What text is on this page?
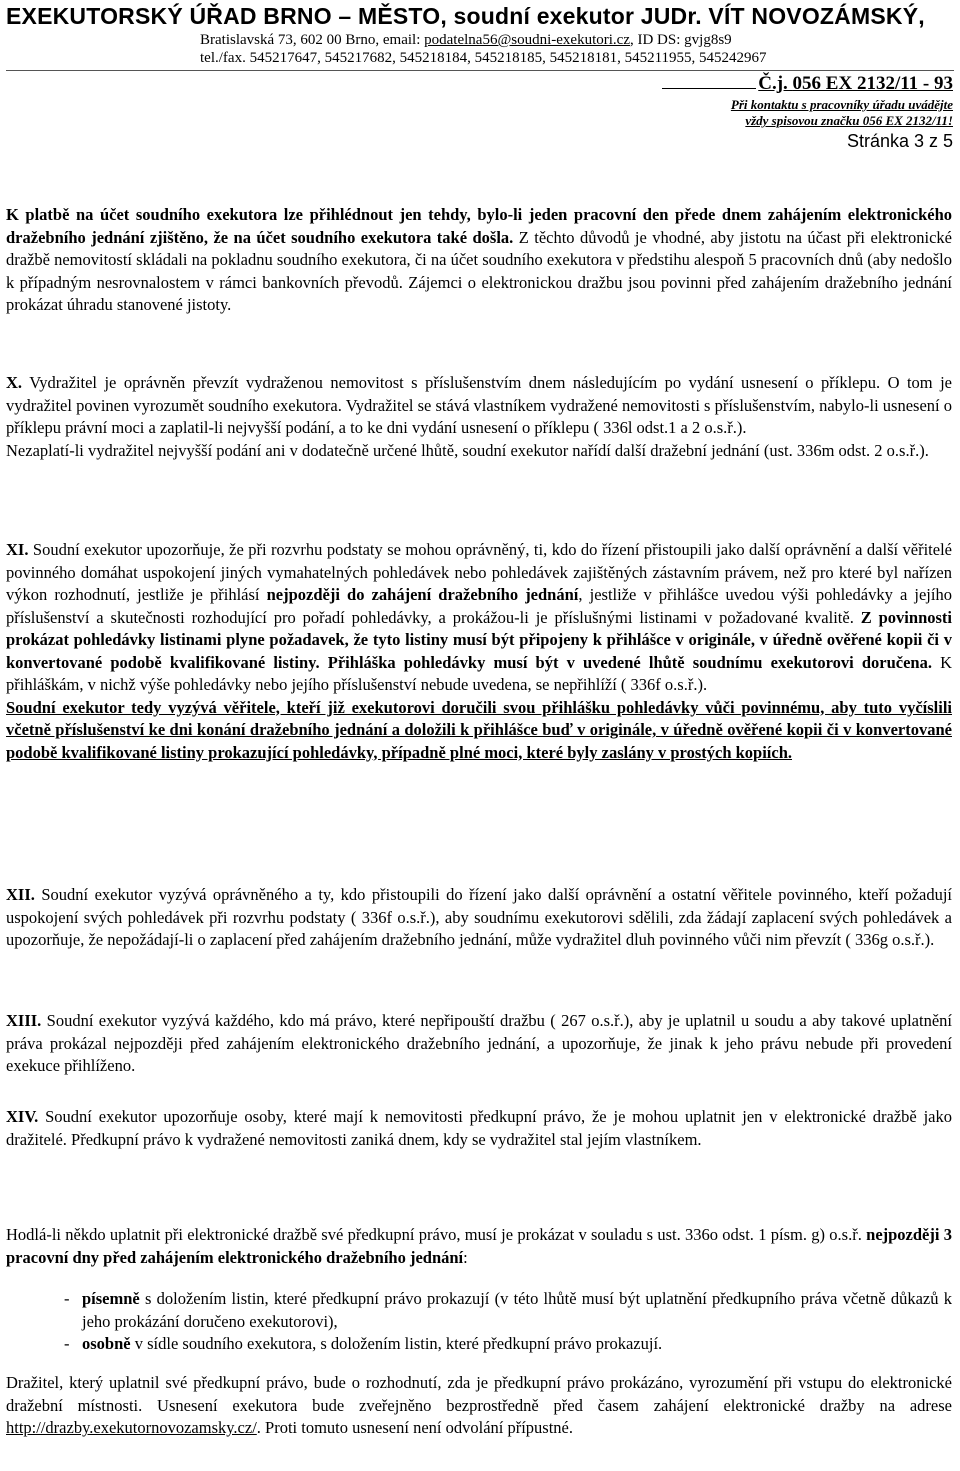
EXEKUTORSKÝ ÚŘAD BRNO – MĚSTO, soudní exekutor JUDr. VÍT NOVOZÁMSKÝ,
Bratislavská 73, 602 00 Brno, email: podatelna56@soudni-exekutori.cz, ID DS: gvjg8s9
tel./fax. 545217647, 545217682, 545218184, 545218185, 545218181, 545211955, 545242967
Č.j. 056 EX 2132/11 - 93
Při kontaktu s pracovníky úřadu uvádějte
vždy spisovou značku 056 EX 2132/11!
Stránka 3 z 5

K platbě na účet soudního exekutora lze přihlédnout jen tehdy, bylo-li jeden pracovní den přede dnem zahájením elektronického dražebního jednání zjištěno, že na účet soudního exekutora také došla. Z těchto důvodů je vhodné, aby jistotu na účast při elektronické dražbě nemovitostí skládali na pokladnu soudního exekutora, či na účet soudního exekutora v předstihu alespoň 5 pracovních dnů (aby nedošlo k případným nesrovnalostem v rámci bankovních převodů. Zájemci o elektronickou dražbu jsou povinni před zahájením dražebního jednání prokázat úhradu stanovené jistoty.

X. Vydražitel je oprávněn převzít vydraženou nemovitost s příslušenstvím dnem následujícím po vydání usnesení o příklepu. O tom je vydražitel povinen vyrozumět soudního exekutora. Vydražitel se stává vlastníkem vydražené nemovitosti s příslušenstvím, nabylo-li usnesení o příklepu právní moci a zaplatil-li nejvyšší podání, a to ke dni vydání usnesení o příklepu ( 336l odst.1 a 2 o.s.ř.).

Nezaplatí-li vydražitel nejvyšší podání ani v dodatečně určené lhůtě, soudní exekutor nařídí další dražební jednání (ust. 336m odst. 2 o.s.ř.).

XI. Soudní exekutor upozorňuje, že při rozvrhu podstaty se mohou oprávněný, ti, kdo do řízení přistoupili jako další oprávnění a další věřitelé povinného domáhat uspokojení jiných vymahatelných pohledávek nebo pohledávek zajištěných zástavním právem, než pro které byl nařízen výkon rozhodnutí, jestliže je přihlásí nejpozději do zahájení dražebního jednání, jestliže v přihlášce uvedou výši pohledávky a jejího příslušenství a skutečnosti rozhodující pro pořadí pohledávky, a prokážou-li je příslušnými listinami v požadované kvalitě. Z povinnosti prokázat pohledávky listinami plyne požadavek, že tyto listiny musí být připojeny k přihlášce v originále, v úředně ověřené kopii či v konvertované podobě kvalifikované listiny. Přihláška pohledávky musí být v uvedené lhůtě soudnímu exekutorovi doručena. K přihláškám, v nichž výše pohledávky nebo jejího příslušenství nebude uvedena, se nepřihlíží ( 336f o.s.ř.).

Soudní exekutor tedy vyzývá věřitele, kteří již exekutorovi doručili svou přihlášku pohledávky vůči povinnému, aby tuto vyčíslili včetně příslušenství ke dni konání dražebního jednání a doložili k přihlášce buď v originále, v úředně ověřené kopii či v konvertované podobě kvalifikované listiny prokazující pohledávky, případně plné moci, které byly zaslány v prostých kopiích.

XII. Soudní exekutor vyzývá oprávněného a ty, kdo přistoupili do řízení jako další oprávnění a ostatní věřitele povinného, kteří požadují uspokojení svých pohledávek při rozvrhu podstaty ( 336f o.s.ř.), aby soudnímu exekutorovi sdělili, zda žádají zaplacení svých pohledávek a upozorňuje, že nepožádají-li o zaplacení před zahájením dražebního jednání, může vydražitel dluh povinného vůči nim převzít ( 336g o.s.ř.).

XIII. Soudní exekutor vyzývá každého, kdo má právo, které nepřipouští dražbu ( 267 o.s.ř.), aby je uplatnil u soudu a aby takové uplatnění práva prokázal nejpozději před zahájením elektronického dražebního jednání, a upozorňuje, že jinak k jeho právu nebude při provedení exekuce přihlíženo.

XIV. Soudní exekutor upozorňuje osoby, které mají k nemovitosti předkupní právo, že je mohou uplatnit jen v elektronické dražbě jako dražitelé. Předkupní právo k vydražené nemovitosti zaniká dnem, kdy se vydražitel stal jejím vlastníkem.

Hodlá-li někdo uplatnit při elektronické dražbě své předkupní právo, musí je prokázat v souladu s ust. 336o odst. 1 písm. g) o.s.ř. nejpozději 3 pracovní dny před zahájením elektronického dražebního jednání:

- písemně s doložením listin, které předkupní právo prokazují (v této lhůtě musí být uplatnění předkupního práva včetně důkazů k jeho prokázání doručeno exekutorovi),
- osobně v sídle soudního exekutora, s doložením listin, které předkupní právo prokazují.

Dražitel, který uplatnil své předkupní právo, bude o rozhodnutí, zda je předkupní právo prokázáno, vyrozumění při vstupu do elektronické dražební místnosti. Usnesení exekutora bude zveřejněno bezprostředně před časem zahájení elektronické dražby na adrese http://drazby.exekutornovozamsky.cz/. Proti tomuto usnesení není odvolání přípustné.
